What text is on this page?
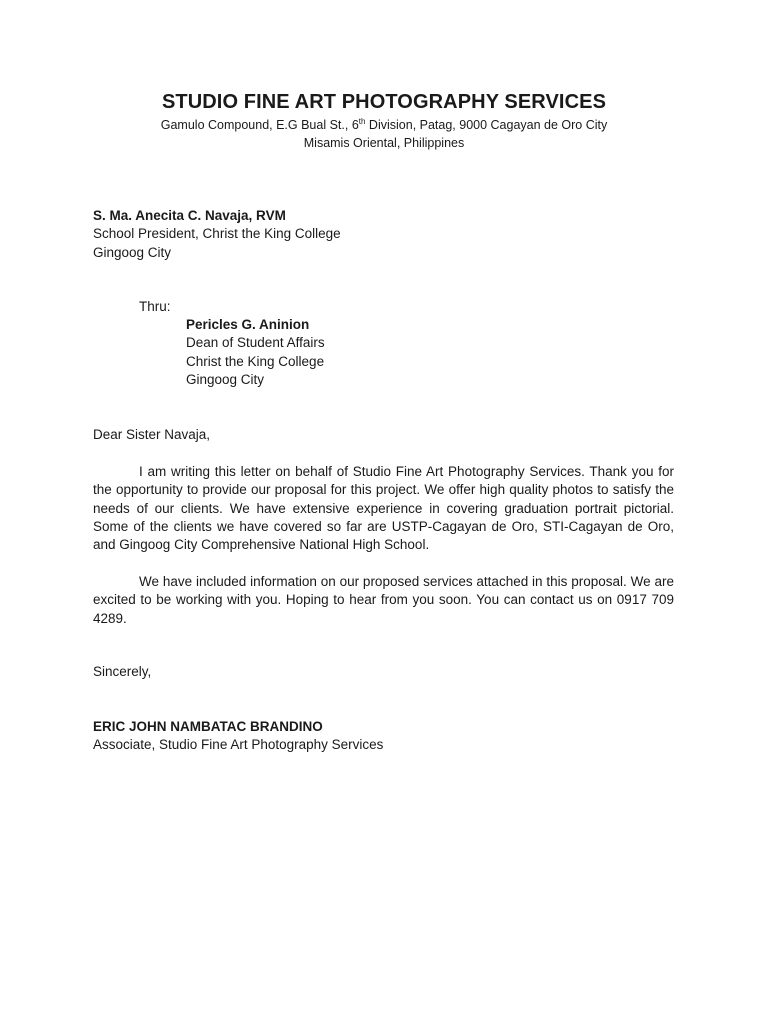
STUDIO FINE ART PHOTOGRAPHY SERVICES

Gamulo Compound, E.G Bual St., 6th Division, Patag, 9000 Cagayan de Oro City

Misamis Oriental, Philippines

S. Ma. Anecita C. Navaja, RVM
School President, Christ the King College
Gingoog City
Thru:
Pericles G. Aninion
Dean of Student Affairs
Christ the King College
Gingoog City
Dear Sister Navaja,
I am writing this letter on behalf of Studio Fine Art Photography Services. Thank you for the opportunity to provide our proposal for this project. We offer high quality photos to satisfy the needs of our clients. We have extensive experience in covering graduation portrait pictorial. Some of the clients we have covered so far are USTP-Cagayan de Oro, STI-Cagayan de Oro, and Gingoog City Comprehensive National High School.
We have included information on our proposed services attached in this proposal. We are excited to be working with you. Hoping to hear from you soon. You can contact us on 0917 709 4289.
Sincerely,
ERIC JOHN NAMBATAC BRANDINO
Associate, Studio Fine Art Photography Services
